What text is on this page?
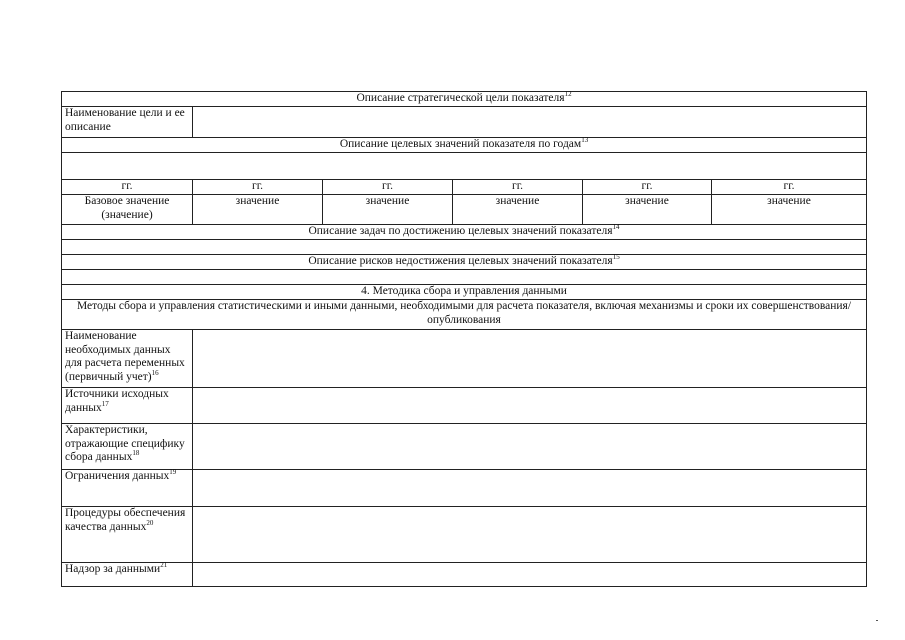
Описание стратегической цели показателя$^{12}$
Наименование цели и ее описание					
Описание целевых значений показателя по годам$^{13}$

гг.	гг.	гг.	гг.	гг.	гг.
Базовое значение (значение)	значение	значение	значение	значение	значение
Описание задач по достижению целевых значений показателя$^{14}$

Описание рисков недостижения целевых значений показателя$^{15}$

4. Методика сбора и управления данными					
Методы сбора и управления статистическими и иными данными, необходимыми для расчета показателя, включая механизмы и сроки их совершенствования/опубликования					
Наименование необходимых данных для расчета переменных (первичный учет)$^{16}$	
Источники исходных данных$^{17}$	
Характеристики, отражающие специфику сбора данных$^{18}$	
Ограничения данных$^{19}$	
Процедуры обеспечения качества данных$^{20}$	
Надзор за данными$^{21}$	
